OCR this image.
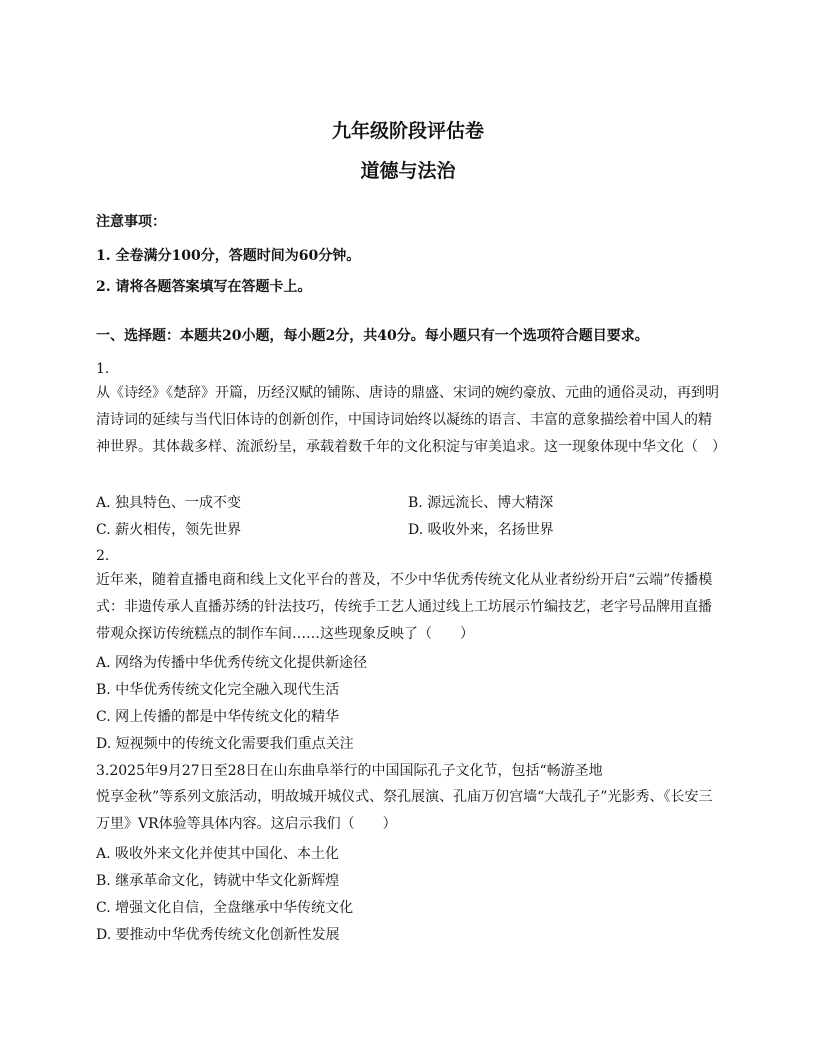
九年级阶段评估卷
道德与法治
注意事项：
1. 全卷满分100分，答题时间为60分钟。
2. 请将各题答案填写在答题卡上。
一、选择题：本题共20小题，每小题2分，共40分。每小题只有一个选项符合题目要求。
1.
从《诗经》《楚辞》开篇，历经汉赋的铺陈、唐诗的鼎盛、宋词的婉约豪放、元曲的通俗灵动，再到明清诗词的延续与当代旧体诗的创新创作，中国诗词始终以凝练的语言、丰富的意象描绘着中国人的精神世界。其体裁多样、流派纷呈，承载着数千年的文化积淀与审美追求。这一现象体现中华文化（　）
A. 独具特色、一成不变	B. 源远流长、博大精深
C. 薪火相传，领先世界	D. 吸收外来，名扬世界
2.
近年来，随着直播电商和线上文化平台的普及，不少中华优秀传统文化从业者纷纷开启“云端”传播模式：非遗传承人直播苏绣的针法技巧，传统手工艺人通过线上工坊展示竹编技艺，老字号品牌用直播带观众探访传统糕点的制作车间……这些现象反映了（　　）
A. 网络为传播中华优秀传统文化提供新途径
B. 中华优秀传统文化完全融入现代生活
C. 网上传播的都是中华传统文化的精华
D. 短视频中的传统文化需要我们重点关注
3.2025年9月27日至28日在山东曲阜举行的中国国际孔子文化节，包括“畅游圣地
悦享金秋”等系列文旅活动，明故城开城仪式、祭孔展演、孔庙万仞宫墙“大哉孔子”光影秀、《长安三万里》VR体验等具体内容。这启示我们（　　）
A. 吸收外来文化并使其中国化、本土化
B. 继承革命文化，铸就中华文化新辉煌
C. 增强文化自信，全盘继承中华传统文化
D. 要推动中华优秀传统文化创新性发展
